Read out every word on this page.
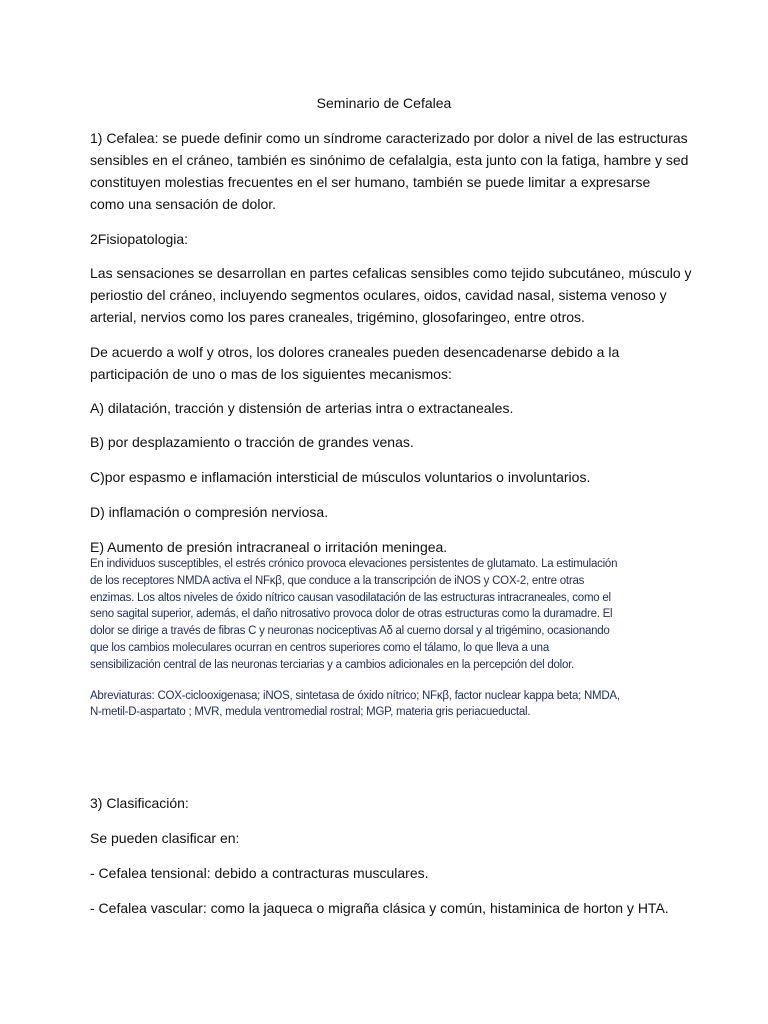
Seminario de Cefalea

1) Cefalea: se puede definir como un síndrome caracterizado por dolor a nivel de las estructuras
sensibles en el cráneo, también es sinónimo de cefalalgia, esta junto con la fatiga, hambre y sed
constituyen molestias frecuentes en el ser humano, también se puede limitar a expresarse
como una sensación de dolor.

2Fisiopatologia:

Las sensaciones se desarrollan en partes cefalicas sensibles como tejido subcutáneo, músculo y
periostio del cráneo, incluyendo segmentos oculares, oidos, cavidad nasal, sistema venoso y
arterial, nervios como los pares craneales, trigémino, glosofaringeo, entre otros.

De acuerdo a wolf y otros, los dolores craneales pueden desencadenarse debido a la
participación de uno o mas de los siguientes mecanismos:

A) dilatación, tracción y distensión de arterias intra o extractaneales.

B) por desplazamiento o tracción de grandes venas.

C)por espasmo e inflamación intersticial de músculos voluntarios o involuntarios.

D) inflamación o compresión nerviosa.

E) Aumento de presión intracraneal o irritación meningea.

En individuos susceptibles, el estrés crónico provoca elevaciones persistentes de glutamato. La estimulación
de los receptores NMDA activa el NFκβ, que conduce a la transcripción de iNOS y COX-2, entre otras
enzimas. Los altos niveles de óxido nítrico causan vasodilatación de las estructuras intracraneales, como el
seno sagital superior, además, el daño nitrosativo provoca dolor de otras estructuras como la duramadre. El
dolor se dirige a través de fibras C y neuronas nociceptivas Aδ al cuerno dorsal y al trigémino, ocasionando
que los cambios moleculares ocurran en centros superiores como el tálamo, lo que lleva a una
sensibilización central de las neuronas terciarias y a cambios adicionales en la percepción del dolor.
Abreviaturas: COX-ciclooxigenasa; iNOS, sintetasa de óxido nítrico; NFκβ, factor nuclear kappa beta; NMDA,
N-metil-D-aspartato ; MVR, medula ventromedial rostral; MGP, materia gris periacueductal.

3) Clasificación:

Se pueden clasificar en:

- Cefalea tensional: debido a contracturas musculares.

- Cefalea vascular: como la jaqueca o migraña clásica y común, histaminica de horton y HTA.
